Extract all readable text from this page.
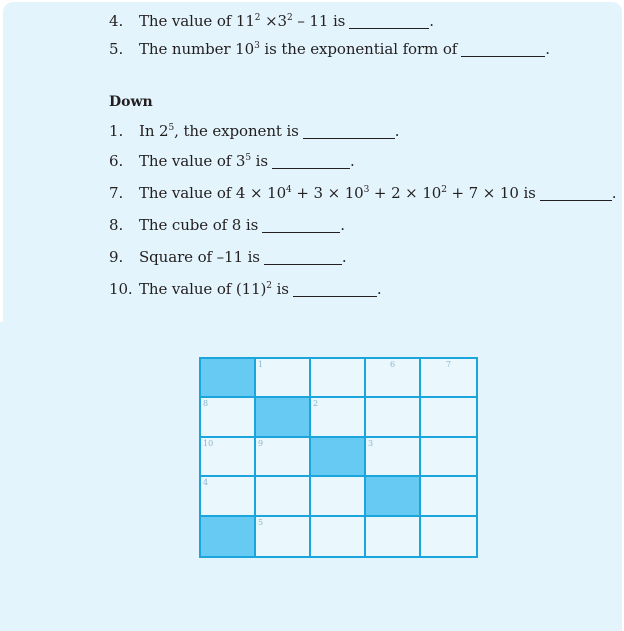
4. The value of $11^2 \times 3^2 - 11$ is	.
5. The number $10^3$ is the exponential form of	.
Down
1. In $2^5$, the exponent is	.
6. The value of $3^5$ is	.
7. The value of $4 \times 10^4 + 3 \times 10^3 + 2 \times 10^2 + 7 \times 10$ is	.
8. The cube of 8 is	.
9. Square of –11 is	.
10. The value of $(11)^2$ is	.
1	6	7
8	2
10	9	3
4
5
